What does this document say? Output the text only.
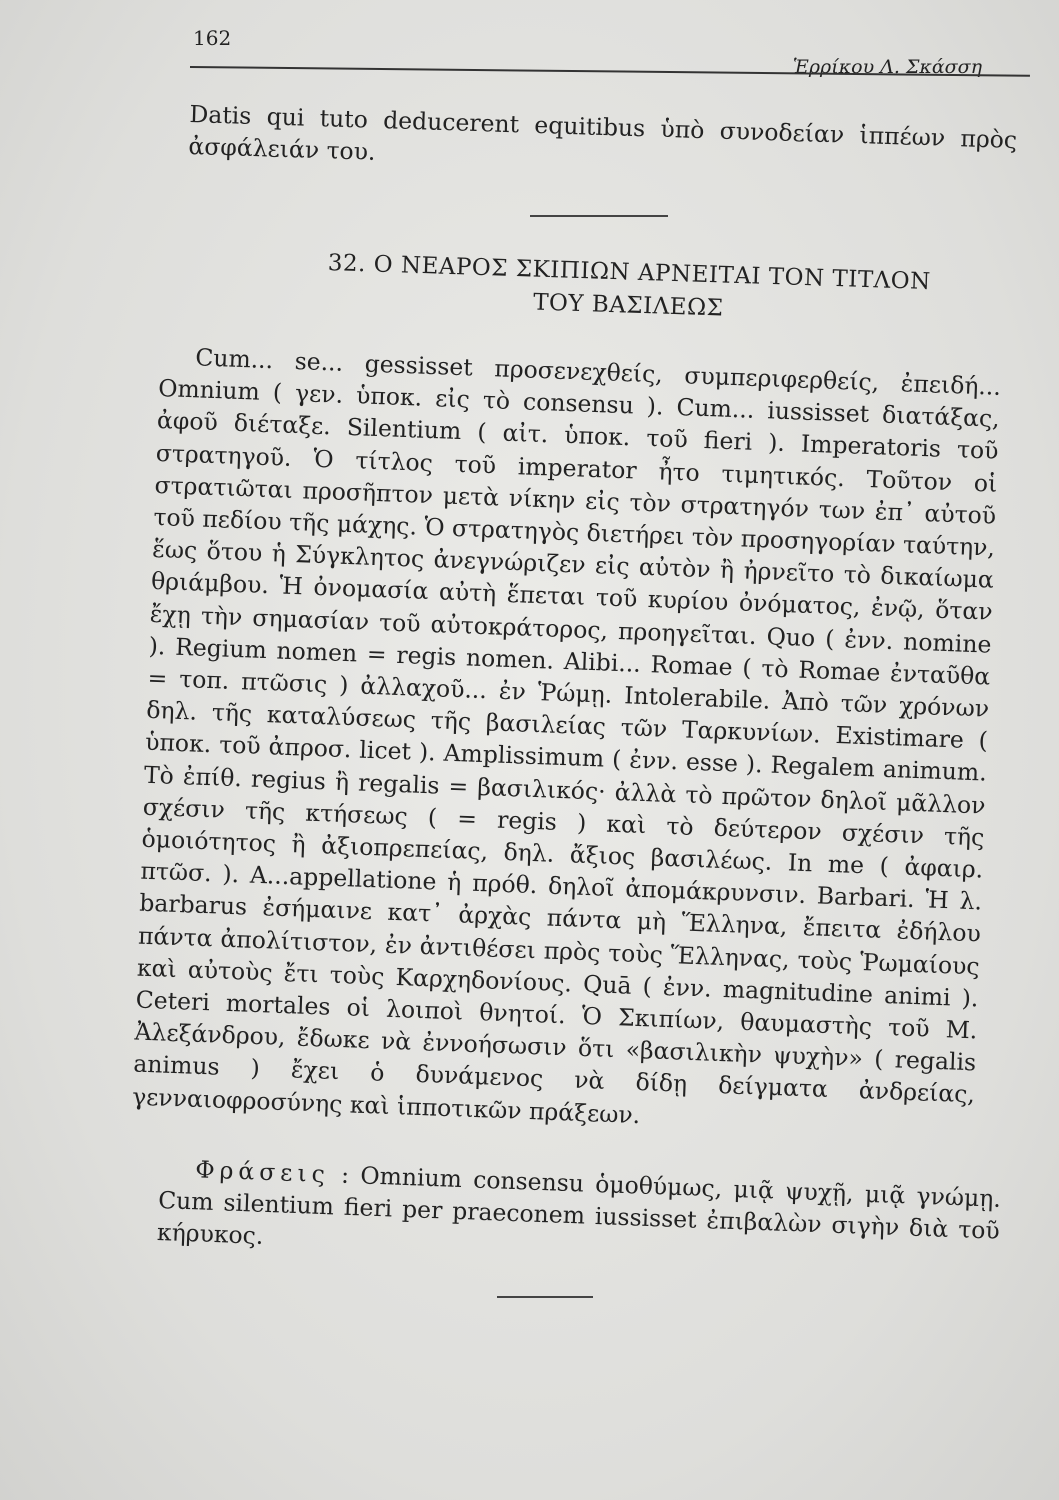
162
Ἑρρίκου Λ. Σκάσση
Datis qui tuto deducerent equitibus ὑπὸ συνοδείαν ἱππέων πρὸς ἀσφάλειάν του.
32. Ο ΝΕΑΡΟΣ ΣΚΙΠΙΩΝ ΑΡΝΕΙΤΑΙ ΤΟΝ ΤΙΤΛΟΝ
ΤΟΥ ΒΑΣΙΛΕΩΣ

Cum... se... gessisset προσενεχθείς, συμπεριφερθείς, ἐπειδή... Omnium ( γεν. ὑποκ. εἰς τὸ consensu ). Cum... iussisset διατάξας, ἀφοῦ διέταξε. Silentium ( αἰτ. ὑποκ. τοῦ fieri ). Imperatoris τοῦ στρατηγοῦ. Ὁ τίτλος τοῦ imperator ἦτο τιμητικός. Τοῦτον οἱ στρατιῶται προσῆπτον μετὰ νίκην εἰς τὸν στρατηγόν των ἐπ᾿ αὐτοῦ τοῦ πεδίου τῆς μάχης. Ὁ στρατηγὸς διετήρει τὸν προσηγορίαν ταύτην, ἕως ὅτου ἡ Σύγκλητος ἀνεγνώριζεν εἰς αὐτὸν ἢ ἠρνεῖτο τὸ δικαίωμα θριάμβου. Ἡ ὀνομασία αὐτὴ ἕπεται τοῦ κυρίου ὀνόματος, ἐνῷ, ὅταν ἔχῃ τὴν σημασίαν τοῦ αὐτοκράτορος, προηγεῖται. Quo ( ἐνν. nomine ). Regium nomen = regis nomen. Alibi... Romae ( τὸ Romae ἐνταῦθα = τοπ. πτῶσις ) ἀλλαχοῦ... ἐν Ῥώμῃ. Intolerabile. Ἀπὸ τῶν χρόνων δηλ. τῆς καταλύσεως τῆς βασιλείας τῶν Ταρκυνίων. Existimare ( ὑποκ. τοῦ ἀπροσ. licet ). Amplissimum ( ἐνν. esse ). Regalem animum. Τὸ ἐπίθ. regius ἢ regalis = βασιλικός· ἀλλὰ τὸ πρῶτον δηλοῖ μᾶλλον σχέσιν τῆς κτήσεως ( = regis ) καὶ τὸ δεύτερον σχέσιν τῆς ὁμοιότητος ἢ ἀξιοπρεπείας, δηλ. ἄξιος βασιλέως. In me ( ἀφαιρ. πτῶσ. ). A...appellatione ἡ πρόθ. δηλοῖ ἀπομάκρυνσιν. Barbari. Ἡ λ. barbarus ἐσήμαινε κατ᾿ ἀρχὰς πάντα μὴ Ἕλληνα, ἔπειτα ἐδήλου πάντα ἀπολίτιστον, ἐν ἀντιθέσει πρὸς τοὺς Ἕλληνας, τοὺς Ῥωμαίους καὶ αὐτοὺς ἔτι τοὺς Καρχηδονίους. Quā ( ἐνν. magnitudine animi ). Ceteri mortales οἱ λοιποὶ θνητοί. Ὁ Σκιπίων, θαυμαστὴς τοῦ Μ. Ἀλεξάνδρου, ἔδωκε νὰ ἐννοήσωσιν ὅτι «βασιλικὴν ψυχὴν» ( regalis animus ) ἔχει ὁ δυνάμενος νὰ δίδῃ δείγματα ἀνδρείας, γενναιοφροσύνης καὶ ἱπποτικῶν πράξεων.

Φράσεις : Omnium consensu ὁμοθύμως, μιᾷ ψυχῇ, μιᾷ γνώμῃ. Cum silentium fieri per praeconem iussisset ἐπιβαλὼν σιγὴν διὰ τοῦ κήρυκος.
